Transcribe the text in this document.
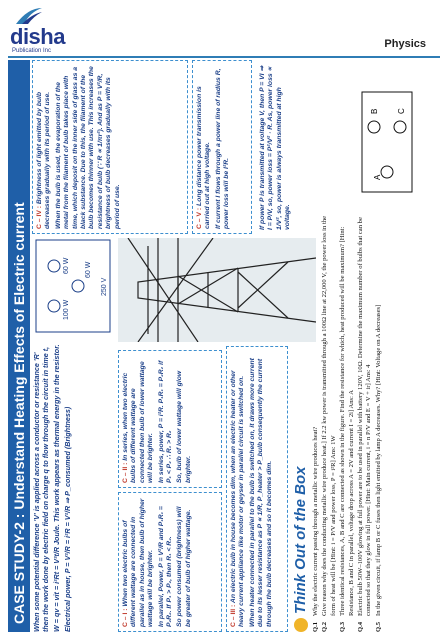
disha
Publication Inc
Physics
CASE STUDY-2 : Understand Heating Effects of Electric current When some potential difference 'V' is applied across a conductor or resistance 'R' then the work done by electric field on charge q to flow through the circuit in time t, W = qv = vit = i²Rt = V²t/R Joule. This work appears as thermal energy in the resistor. Electrical power, P = V²/R = i²R = V²/R ⇒ P_consumed (Brightness)

100 W
60 W 60 W
250 V

C – I : When two electric bulbs of different wattage are connected in parallel as in house, then bulb of higher wattage will be brighter. In parallel, Power, P = V²/R and P₁R₁ = P₂R₂. If P₁ > P₂, then R₁ < R₂. So power consumed (brightness) will be greater of bulb of higher wattage.

C – II : In series, when two electric bulbs of different wattage are connected then bulb of lower wattage will be brighter. In series, power, P = i²R. P₁R₁ = P₂R₂ if P₁ < P₂ ∴ R₁ > R₂ So, bulb of lower wattage will glow brighter.

C – III : An electric bulb in house becomes dim, when an electric heater or other heavy current appliance like motor or geyser in parallel circuit is switched on. When heater connected in parallel to the bulb is switched on, it draws more current due to its lesser resistance as P ∝ 1/R, P_heater > P_bulb consequently the current through the bulb decreases and so it becomes dim.

C – IV : Brightness of light emitted by bulb decreases gradually with its period of use. When the bulb is used, the evaporation of the metal from the filament of bulb takes place with time, which deposit on the inner side of glass as a black substance. Due to this, the filament of the bulb becomes thinner with use. This increases the resistance of bulb (∵ R ∝ 1/πr²). And as P = V²/R, brightness of bulb decreases gradually with its period of use.	C – V : Long distance power transmission is carried out at high voltage. If current I flows through a power line of radius R, power loss will be I²R.	If power P is transmitted at voltage V, then P = VI ⇒ I = P/V, so, power loss = P²/V² · R. As, power loss ∝ 1/V², so, power is always transmitted at high voltage.

Think Out of the Box
Q.1
Why the electric current passing through a metallic wire produces heat?
Q.2
Give reason why does the conducting metallic wire produce heat.] If 2.2 kw power is transmitted through a 100Ω line at 22,000 V, the power loss in the form of heat will be [Hint: i = P/V and power loss, P = i²R] Ans: 1W
Q.3
Three identical resistances, A, B and C are connected as shown in the figure. Find the resistance for which, heat produced will be maximum? [Hint: Resistance, B and C in parallel, voltage drop across A = 2V and current I = 2i] Ans: A
Q.4
Electric bulb 50W–100V glowing at full power are to be used in parallel with battery 120V, 10Ω. Determine the maximum number of bulbs that can be connected so that they glow in full power. [Hint: Main current, i = n P/V and E = V + ir] Ans: 4
Q.5
In the given circuit, if lamp B or C fuses then light emitted by lamp A decreases. Why? [Hint: Voltage on A decreases]
A
B C
